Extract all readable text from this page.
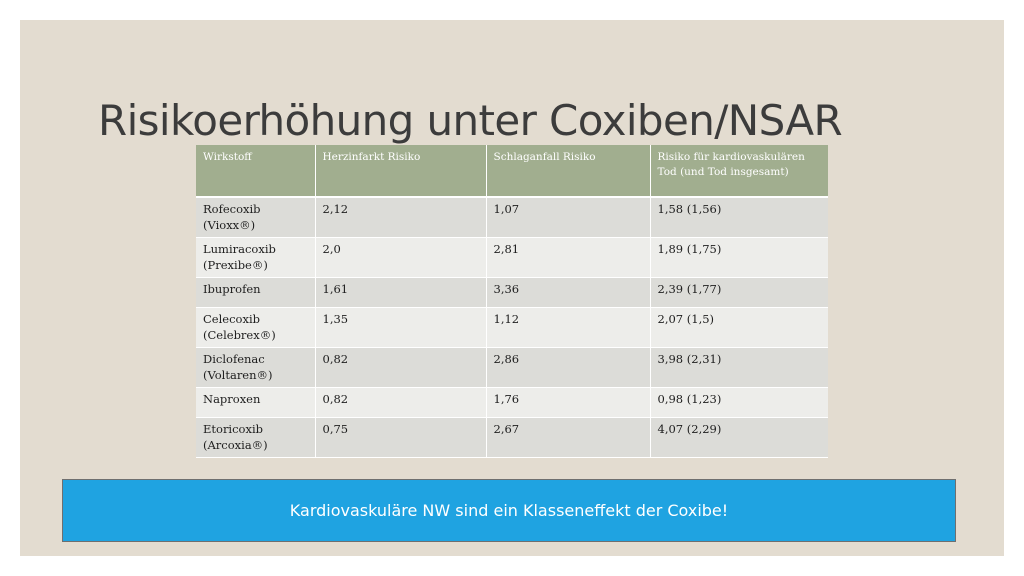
Risikoerhöhung unter Coxiben/NSAR
Wirkstoff	Herzinfarkt Risiko	Schlaganfall Risiko	Risiko für kardiovaskulären Tod (und Tod insgesamt)
Rofecoxib (Vioxx®)	2,12	1,07	1,58 (1,56)
Lumiracoxib (Prexibe®)	2,0	2,81	1,89 (1,75)
Ibuprofen	1,61	3,36	2,39 (1,77)
Celecoxib (Celebrex®)	1,35	1,12	2,07 (1,5)
Diclofenac (Voltaren®)	0,82	2,86	3,98 (2,31)
Naproxen	0,82	1,76	0,98 (1,23)
Etoricoxib (Arcoxia®)	0,75	2,67	4,07 (2,29)
Kardiovaskuläre NW sind ein Klasseneffekt der Coxibe!
